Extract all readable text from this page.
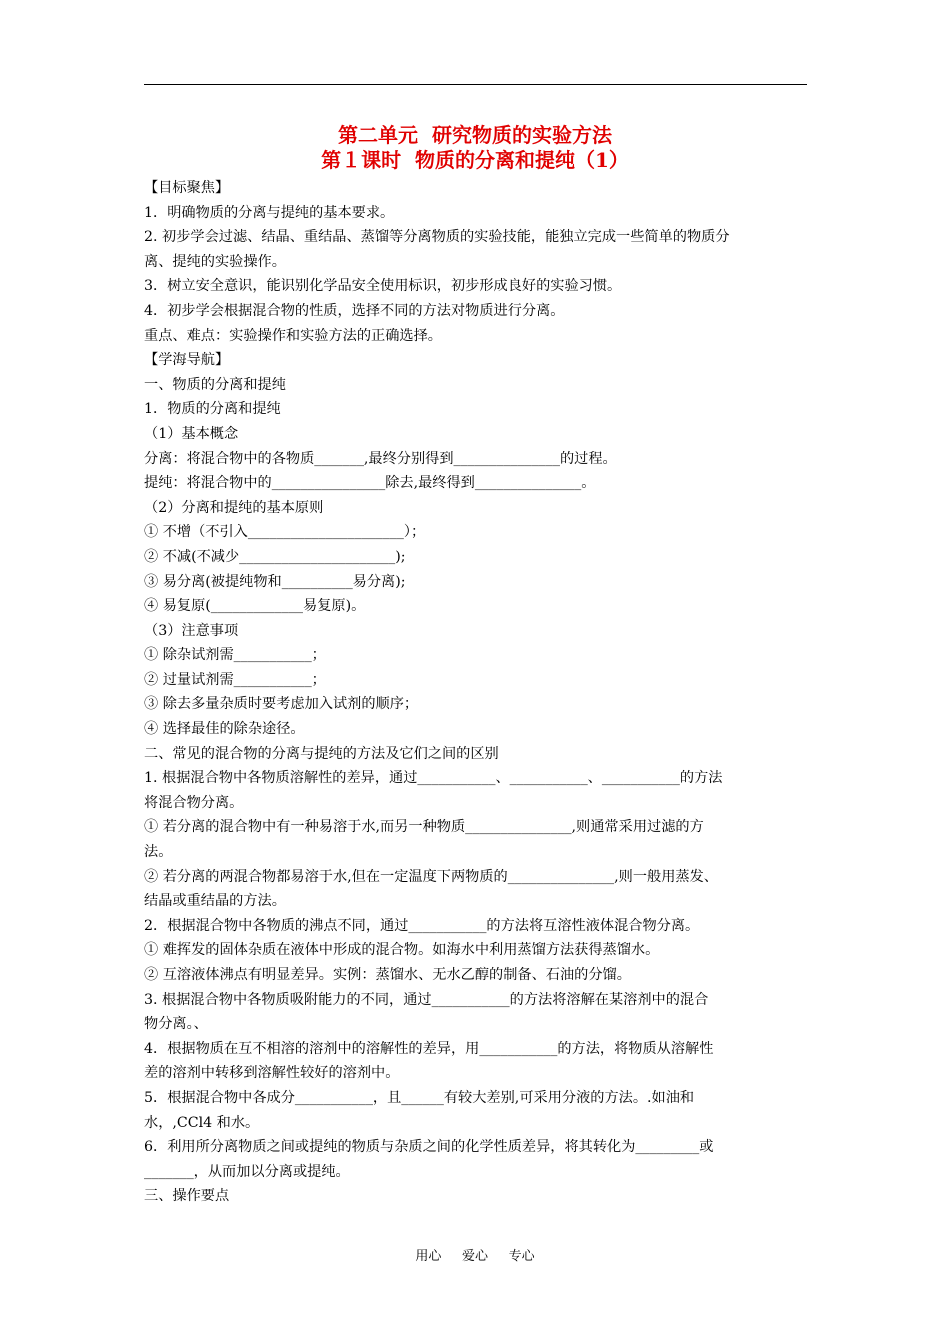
第二单元  研究物质的实验方法
第１课时  物质的分离和提纯（1）
【目标聚焦】
1．明确物质的分离与提纯的基本要求。
2. 初步学会过滤、结晶、重结晶、蒸馏等分离物质的实验技能，能独立完成一些简单的物质分
离、提纯的实验操作。
3．树立安全意识，能识别化学品安全使用标识，初步形成良好的实验习惯。
4．初步学会根据混合物的性质，选择不同的方法对物质进行分离。
重点、难点：实验操作和实验方法的正确选择。
【学海导航】
一、物质的分离和提纯
1．物质的分离和提纯
（1）基本概念
分离：将混合物中的各物质_______,最终分别得到_______________的过程。
提纯：将混合物中的________________除去,最终得到_______________。
（2）分离和提纯的基本原则
① 不增（不引入______________________）；
② 不减(不减少______________________);
③ 易分离(被提纯物和__________易分离);
④ 易复原(_____________易复原)。
（3）注意事项
① 除杂试剂需___________；
② 过量试剂需___________；
③ 除去多量杂质时要考虑加入试剂的顺序；
④ 选择最佳的除杂途径。
二、常见的混合物的分离与提纯的方法及它们之间的区别
1. 根据混合物中各物质溶解性的差异，通过___________、___________、___________的方法
将混合物分离。
① 若分离的混合物中有一种易溶于水,而另一种物质_______________,则通常采用过滤的方
法。
② 若分离的两混合物都易溶于水,但在一定温度下两物质的_______________,则一般用蒸发、
结晶或重结晶的方法。
2．根据混合物中各物质的沸点不同，通过___________的方法将互溶性液体混合物分离。
① 难挥发的固体杂质在液体中形成的混合物。如海水中利用蒸馏方法获得蒸馏水。
② 互溶液体沸点有明显差异。实例：蒸馏水、无水乙醇的制备、石油的分馏。
3. 根据混合物中各物质吸附能力的不同，通过___________的方法将溶解在某溶剂中的混合
物分离。、
4．根据物质在互不相溶的溶剂中的溶解性的差异，用___________的方法，将物质从溶解性
差的溶剂中转移到溶解性较好的溶剂中。
5．根据混合物中各成分___________，且______有较大差别,可采用分液的方法。.如油和
水，,CCl4 和水。
6．利用所分离物质之间或提纯的物质与杂质之间的化学性质差异，将其转化为_________或
_______，从而加以分离或提纯。
三、操作要点
用心     爱心     专心
